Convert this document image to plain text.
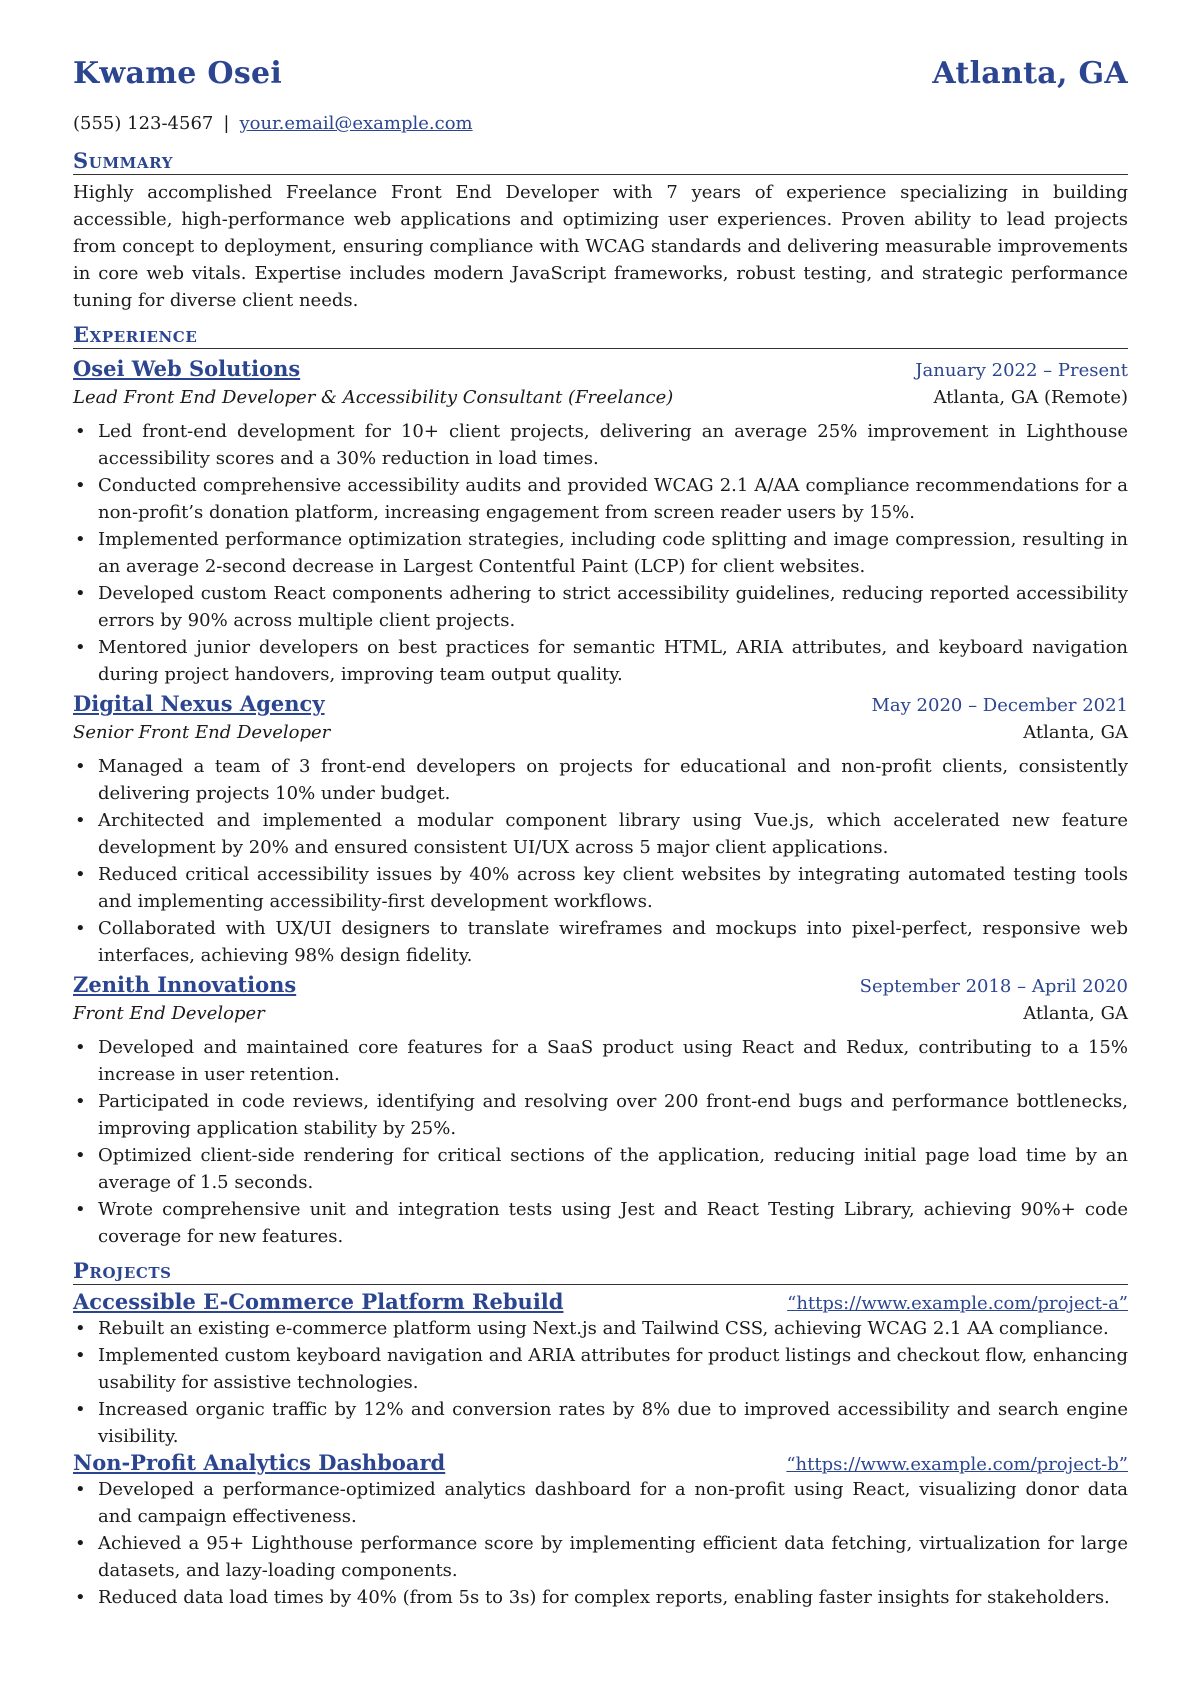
Kwame Osei	Atlanta, GA
(555) 123-4567 | your.email@example.com
Summary
Highly accomplished Freelance Front End Developer with 7 years of experience specializing in building accessible, high-performance web applications and optimizing user experiences. Proven ability to lead projects from concept to deployment, ensuring compliance with WCAG standards and delivering measurable improvements in core web vitals. Expertise includes modern JavaScript frameworks, robust testing, and strategic performance tuning for diverse client needs.
Experience
Osei Web Solutions	January 2022 – Present
Lead Front End Developer & Accessibility Consultant (Freelance)	Atlanta, GA (Remote)
• Led front-end development for 10+ client projects, delivering an average 25% improvement in Lighthouse accessibility scores and a 30% reduction in load times.
• Conducted comprehensive accessibility audits and provided WCAG 2.1 A/AA compliance recommendations for a non-profit’s donation platform, increasing engagement from screen reader users by 15%.
• Implemented performance optimization strategies, including code splitting and image compression, resulting in an average 2-second decrease in Largest Contentful Paint (LCP) for client websites.
• Developed custom React components adhering to strict accessibility guidelines, reducing reported accessibility errors by 90% across multiple client projects.
• Mentored junior developers on best practices for semantic HTML, ARIA attributes, and keyboard navigation during project handovers, improving team output quality.
Digital Nexus Agency	May 2020 – December 2021
Senior Front End Developer	Atlanta, GA
• Managed a team of 3 front-end developers on projects for educational and non-profit clients, consistently delivering projects 10% under budget.
• Architected and implemented a modular component library using Vue.js, which accelerated new feature development by 20% and ensured consistent UI/UX across 5 major client applications.
• Reduced critical accessibility issues by 40% across key client websites by integrating automated testing tools and implementing accessibility-first development workflows.
• Collaborated with UX/UI designers to translate wireframes and mockups into pixel-perfect, responsive web interfaces, achieving 98% design fidelity.
Zenith Innovations	September 2018 – April 2020
Front End Developer	Atlanta, GA
• Developed and maintained core features for a SaaS product using React and Redux, contributing to a 15% increase in user retention.
• Participated in code reviews, identifying and resolving over 200 front-end bugs and performance bottlenecks, improving application stability by 25%.
• Optimized client-side rendering for critical sections of the application, reducing initial page load time by an average of 1.5 seconds.
• Wrote comprehensive unit and integration tests using Jest and React Testing Library, achieving 90%+ code coverage for new features.
Projects
Accessible E-Commerce Platform Rebuild	“https://www.example.com/project-a”
• Rebuilt an existing e-commerce platform using Next.js and Tailwind CSS, achieving WCAG 2.1 AA compliance.
• Implemented custom keyboard navigation and ARIA attributes for product listings and checkout flow, enhancing usability for assistive technologies.
• Increased organic traffic by 12% and conversion rates by 8% due to improved accessibility and search engine visibility.
Non-Profit Analytics Dashboard	“https://www.example.com/project-b”
• Developed a performance-optimized analytics dashboard for a non-profit using React, visualizing donor data and campaign effectiveness.
• Achieved a 95+ Lighthouse performance score by implementing efficient data fetching, virtualization for large datasets, and lazy-loading components.
• Reduced data load times by 40% (from 5s to 3s) for complex reports, enabling faster insights for stakeholders.
